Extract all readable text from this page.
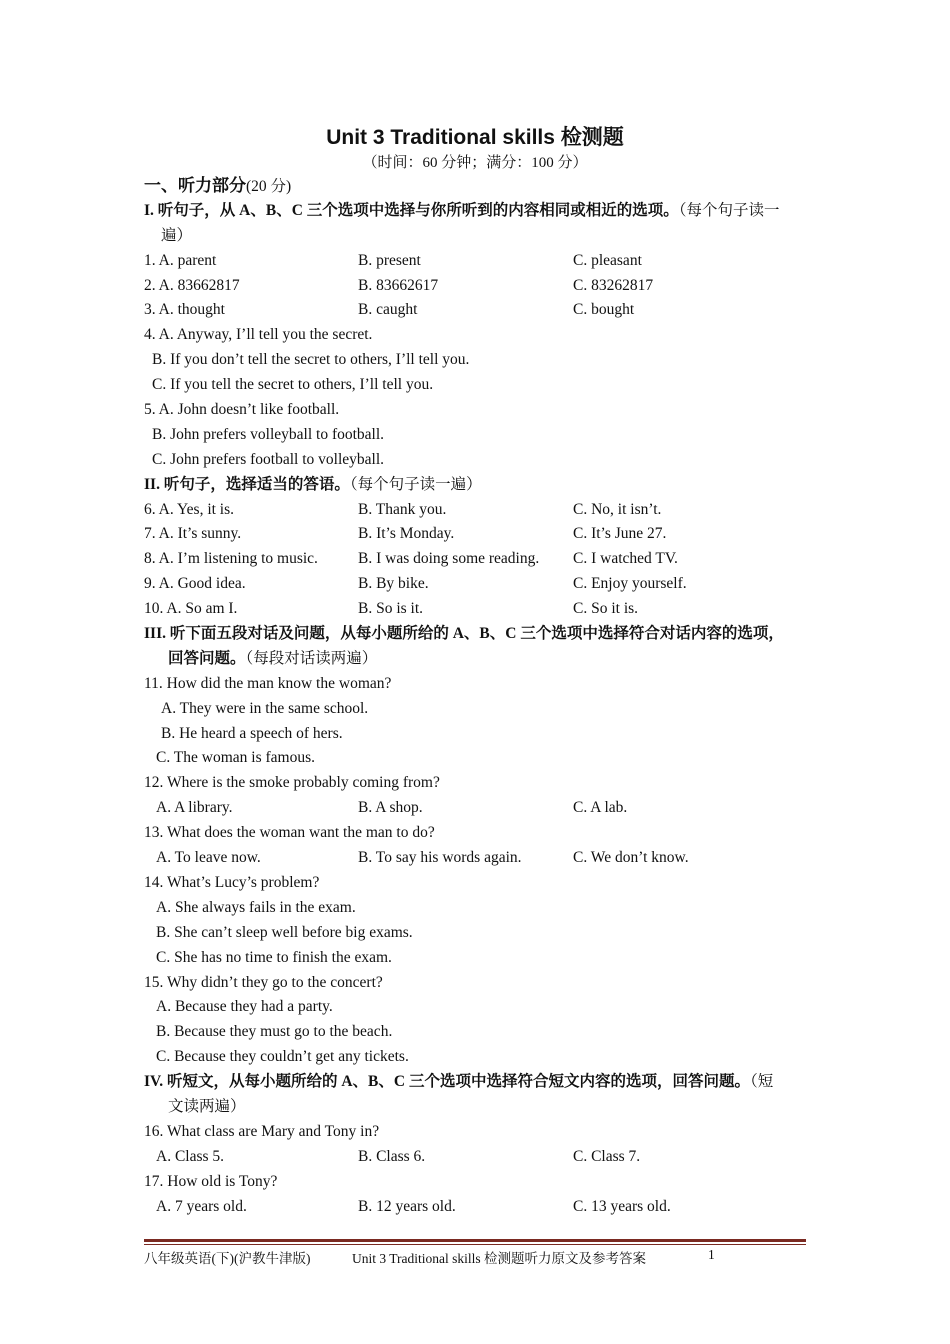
Unit 3 Traditional skills 检测题
（时间：60 分钟；满分：100 分）
一、听力部分(20 分)
I. 听句子，从 A、B、C 三个选项中选择与你所听到的内容相同或相近的选项。（每个句子读一
遍）
1. A. parent	B. present	C. pleasant
2. A. 83662817	B. 83662617	C. 83262817
3. A. thought	B. caught	C. bought
4. A. Anyway, I’ll tell you the secret.
B. If you don’t tell the secret to others, I’ll tell you.
C. If you tell the secret to others, I’ll tell you.
5. A. John doesn’t like football.
B. John prefers volleyball to football.
C. John prefers football to volleyball.
II. 听句子，选择适当的答语。（每个句子读一遍）
6. A. Yes, it is.	B. Thank you.	C. No, it isn’t.
7. A. It’s sunny.	B. It’s Monday.	C. It’s June 27.
8. A. I’m listening to music.	B. I was doing some reading. C. I watched TV.
9. A. Good idea.	B. By bike.	C. Enjoy yourself.
10. A. So am I.	B. So is it.	C. So it is.
III. 听下面五段对话及问题，从每小题所给的 A、B、C 三个选项中选择符合对话内容的选项，
回答问题。（每段对话读两遍）
11. How did the man know the woman?
A. They were in the same school.
B. He heard a speech of hers.
C. The woman is famous.
12. Where is the smoke probably coming from?
A. A library.	B. A shop.	C. A lab.
13. What does the woman want the man to do?
A. To leave now.	B. To say his words again.	C. We don’t know.
14. What’s Lucy’s problem?
A. She always fails in the exam.
B. She can’t sleep well before big exams.
C. She has no time to finish the exam.
15. Why didn’t they go to the concert?
A. Because they had a party.
B. Because they must go to the beach.
C. Because they couldn’t get any tickets.
IV. 听短文，从每小题所给的 A、B、C 三个选项中选择符合短文内容的选项，回答问题。（短
文读两遍）
16. What class are Mary and Tony in?
A. Class 5.	B. Class 6.	C. Class 7.
17. How old is Tony?
A. 7 years old.	B. 12 years old.	C. 13 years old.
八年级英语(下)(沪教牛津版)	Unit 3 Traditional skills 检测题听力原文及参考答案	1
